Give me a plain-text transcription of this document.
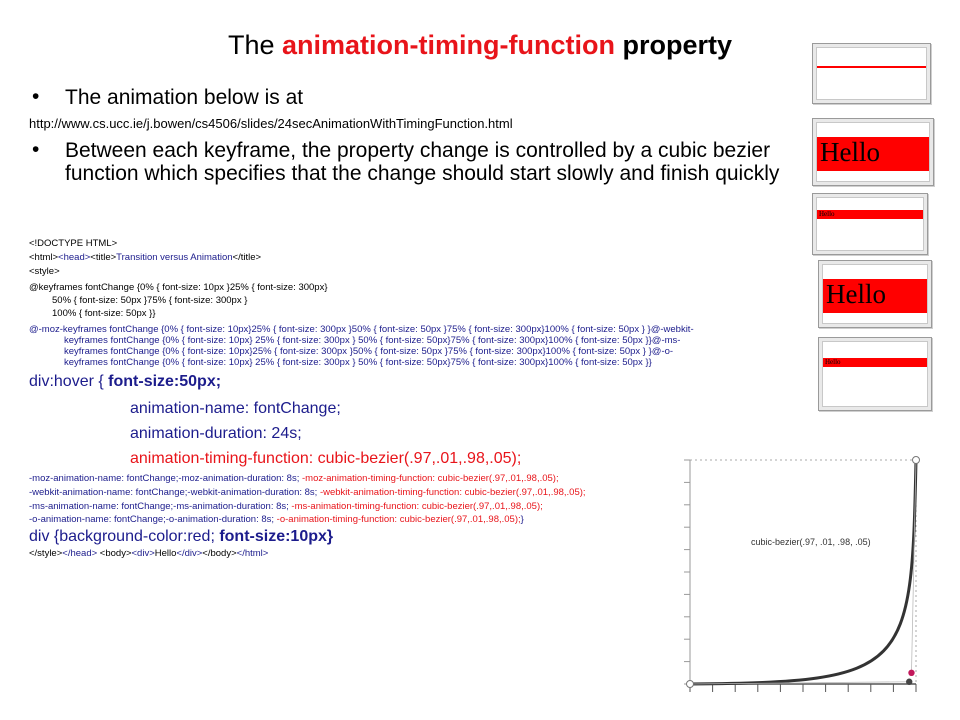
The animation-timing-function property
• The animation below is at
http://www.cs.ucc.ie/j.bowen/cs4506/slides/24secAnimationWithTimingFunction.html
• Between each keyframe, the property change is controlled by a cubic bezier function which specifies that the change should start slowly and finish quickly
<!DOCTYPE HTML>
<html><head><title>Transition versus Animation</title>
<style>
@keyframes fontChange {0% { font-size: 10px }25% { font-size: 300px}
50% { font-size: 50px }75% { font-size: 300px }
100% { font-size: 50px }}
@-moz-keyframes fontChange {0% { font-size: 10px}25% { font-size: 300px }50% { font-size: 50px }75% { font-size: 300px}100% { font-size: 50px } }@-webkit-
keyframes fontChange {0% { font-size: 10px} 25% { font-size: 300px } 50% { font-size: 50px}75% { font-size: 300px}100% { font-size: 50px }}@-ms-
keyframes fontChange {0% { font-size: 10px}25% { font-size: 300px }50% { font-size: 50px }75% { font-size: 300px}100% { font-size: 50px } }@-o-
keyframes fontChange {0% { font-size: 10px} 25% { font-size: 300px } 50% { font-size: 50px}75% { font-size: 300px}100% { font-size: 50px }}
div:hover { font-size:50px;
animation-name: fontChange;
animation-duration: 24s;
animation-timing-function: cubic-bezier(.97,.01,.98,.05);
-moz-animation-name: fontChange;-moz-animation-duration: 8s; -moz-animation-timing-function: cubic-bezier(.97,.01,.98,.05);
-webkit-animation-name: fontChange;-webkit-animation-duration: 8s; -webkit-animation-timing-function: cubic-bezier(.97,.01,.98,.05);
-ms-animation-name: fontChange;-ms-animation-duration: 8s; -ms-animation-timing-function: cubic-bezier(.97,.01,.98,.05);
-o-animation-name: fontChange;-o-animation-duration: 8s; -o-animation-timing-function: cubic-bezier(.97,.01,.98,.05);}
div {background-color:red; font-size:10px}
</style></head> <body><div>Hello</div></body></html>
Hello
Hello
Hello
Hello
cubic-bezier(.97, .01, .98, .05)
